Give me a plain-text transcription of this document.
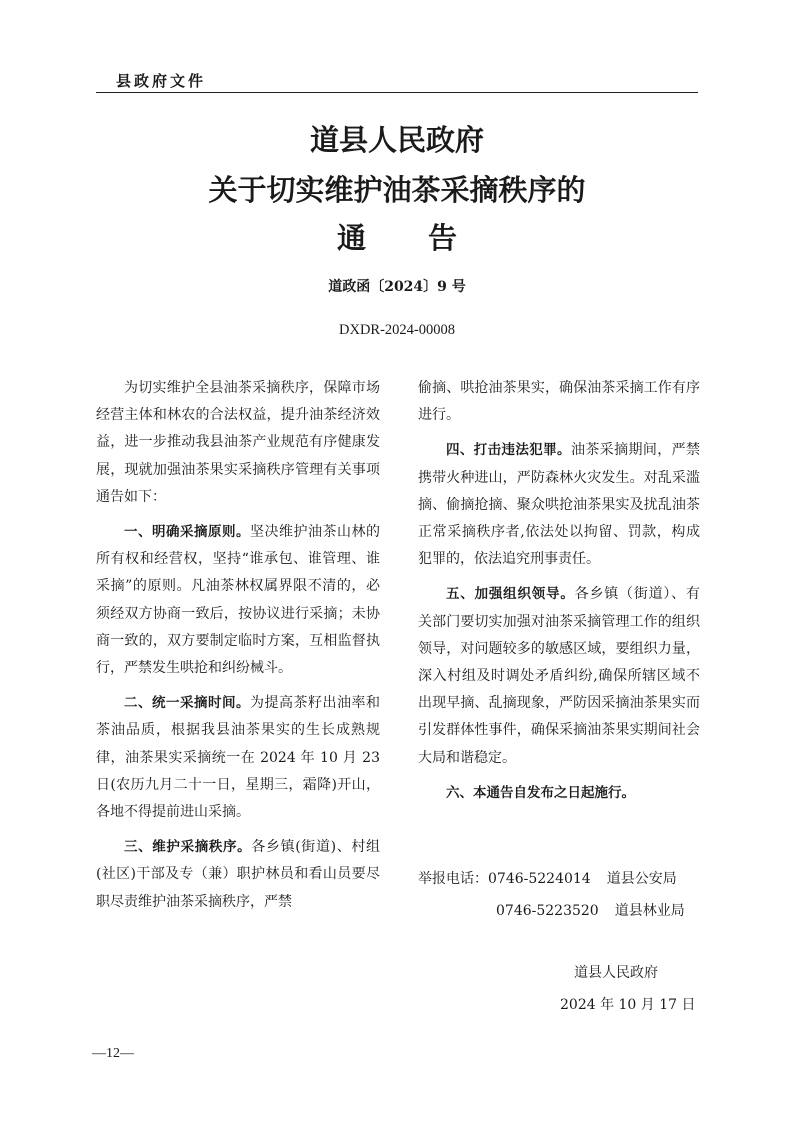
县政府文件
道县人民政府
关于切实维护油茶采摘秩序的
通告
道政函〔2024〕9 号
DXDR-2024-00008

为切实维护全县油茶采摘秩序，保障市场经营主体和林农的合法权益，提升油茶经济效益，进一步推动我县油茶产业规范有序健康发展，现就加强油茶果实采摘秩序管理有关事项通告如下：

一、明确采摘原则。坚决维护油茶山林的所有权和经营权，坚持“谁承包、谁管理、谁采摘”的原则。凡油茶林权属界限不清的，必须经双方协商一致后，按协议进行采摘；未协商一致的，双方要制定临时方案，互相监督执行，严禁发生哄抢和纠纷械斗。

二、统一采摘时间。为提高茶籽出油率和茶油品质，根据我县油茶果实的生长成熟规律，油茶果实采摘统一在 2024 年 10 月 23 日(农历九月二十一日，星期三，霜降)开山，各地不得提前进山采摘。

三、维护采摘秩序。各乡镇(街道)、村组(社区)干部及专（兼）职护林员和看山员要尽职尽责维护油茶采摘秩序，严禁

偷摘、哄抢油茶果实，确保油茶采摘工作有序进行。

四、打击违法犯罪。油茶采摘期间，严禁携带火种进山，严防森林火灾发生。对乱采滥摘、偷摘抢摘、聚众哄抢油茶果实及扰乱油茶正常采摘秩序者,依法处以拘留、罚款，构成犯罪的，依法追究刑事责任。

五、加强组织领导。各乡镇（街道）、有关部门要切实加强对油茶采摘管理工作的组织领导，对问题较多的敏感区域，要组织力量，深入村组及时调处矛盾纠纷,确保所辖区域不出现早摘、乱摘现象，严防因采摘油茶果实而引发群体性事件，确保采摘油茶果实期间社会大局和谐稳定。

六、本通告自发布之日起施行。

举报电话：0746-5224014 道县公安局
0746-5223520 道县林业局
道县人民政府
2024 年 10 月 17 日
—12—
